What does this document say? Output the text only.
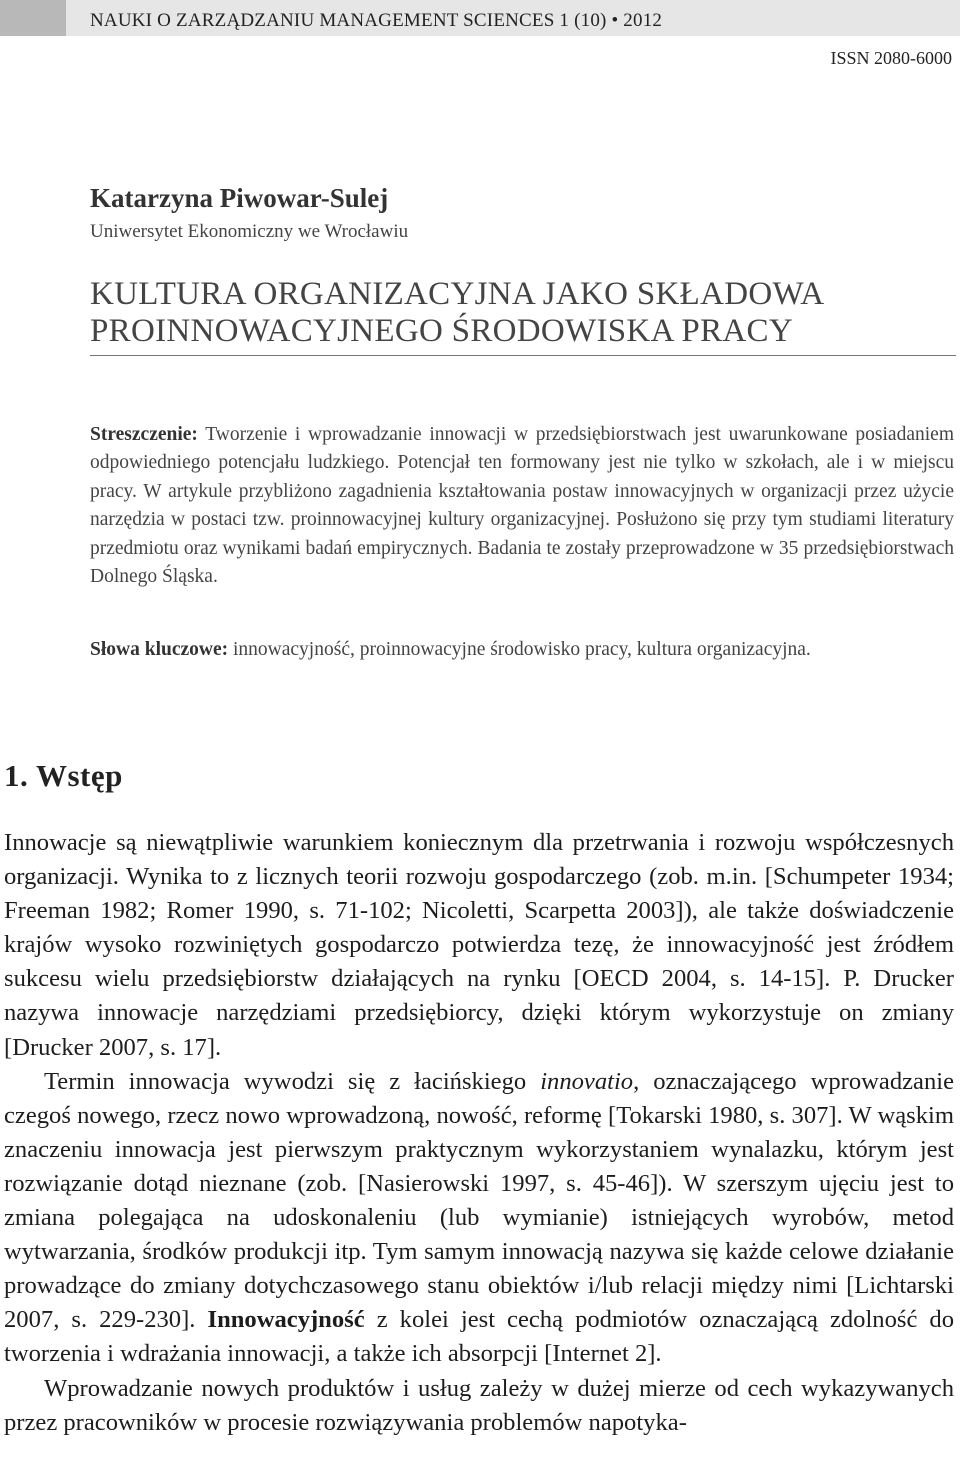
NAUKI O ZARZĄDZANIU MANAGEMENT SCIENCES 1 (10) • 2012
ISSN 2080-6000
Katarzyna Piwowar-Sulej
Uniwersytet Ekonomiczny we Wrocławiu
KULTURA ORGANIZACYJNA JAKO SKŁADOWA
PROINNOWACYJNEGO ŚRODOWISKA PRACY
Streszczenie: Tworzenie i wprowadzanie innowacji w przedsiębiorstwach jest uwarunkowane posiadaniem odpowiedniego potencjału ludzkiego. Potencjał ten formowany jest nie tylko w szkołach, ale i w miejscu pracy. W artykule przybliżono zagadnienia kształtowania postaw innowacyjnych w organizacji przez użycie narzędzia w postaci tzw. proinnowacyjnej kultury organizacyjnej. Posłużono się przy tym studiami literatury przedmiotu oraz wynikami badań empirycznych. Badania te zostały przeprowadzone w 35 przedsiębiorstwach Dolnego Śląska.
Słowa kluczowe: innowacyjność, proinnowacyjne środowisko pracy, kultura organizacyjna.
1. Wstęp

Innowacje są niewątpliwie warunkiem koniecznym dla przetrwania i rozwoju współczesnych organizacji. Wynika to z licznych teorii rozwoju gospodarczego (zob. m.in. [Schumpeter 1934; Freeman 1982; Romer 1990, s. 71-102; Nicoletti, Scarpetta 2003]), ale także doświadczenie krajów wysoko rozwiniętych gospodarczo potwierdza tezę, że innowacyjność jest źródłem sukcesu wielu przedsiębiorstw działających na rynku [OECD 2004, s. 14-15]. P. Drucker nazywa innowacje narzędziami przedsiębiorcy, dzięki którym wykorzystuje on zmiany [Drucker 2007, s. 17].

Termin innowacja wywodzi się z łacińskiego innovatio, oznaczającego wprowadzanie czegoś nowego, rzecz nowo wprowadzoną, nowość, reformę [Tokarski 1980, s. 307]. W wąskim znaczeniu innowacja jest pierwszym praktycznym wykorzystaniem wynalazku, którym jest rozwiązanie dotąd nieznane (zob. [Nasierowski 1997, s. 45-46]). W szerszym ujęciu jest to zmiana polegająca na udoskonaleniu (lub wymianie) istniejących wyrobów, metod wytwarzania, środków produkcji itp. Tym samym innowacją nazywa się każde celowe działanie prowadzące do zmiany dotychczasowego stanu obiektów i/lub relacji między nimi [Lichtarski 2007, s. 229-230]. Innowacyjność z kolei jest cechą podmiotów oznaczającą zdolność do tworzenia i wdrażania innowacji, a także ich absorpcji [Internet 2].

Wprowadzanie nowych produktów i usług zależy w dużej mierze od cech wykazywanych przez pracowników w procesie rozwiązywania problemów napotyka-
